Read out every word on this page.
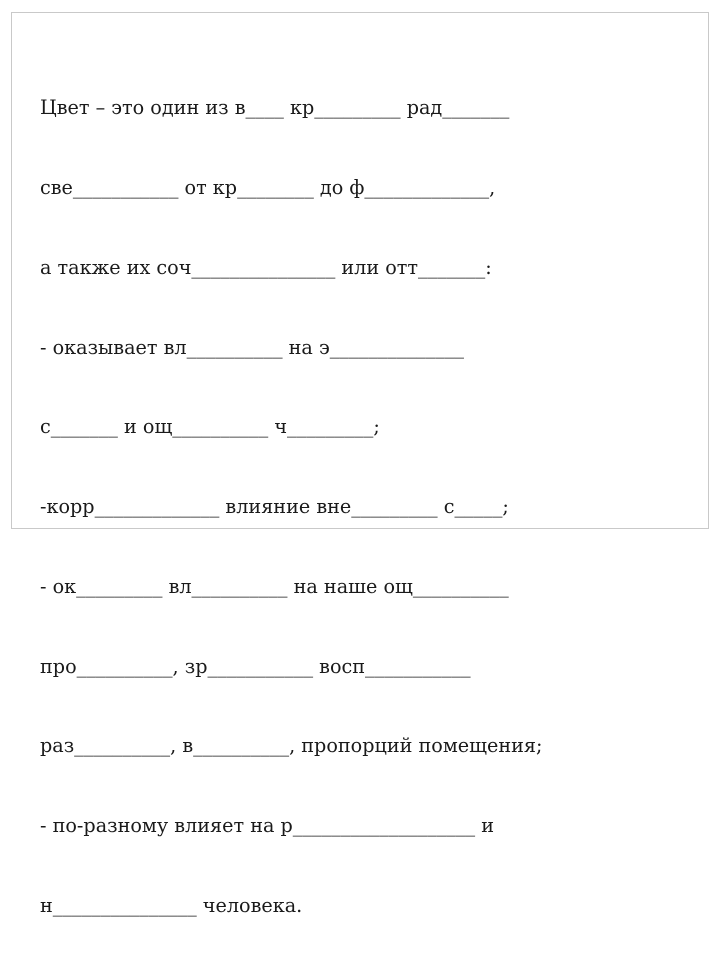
Цвет – это один из в____ кр_________ рад_______

све___________ от кр________ до ф_____________,

а также их соч_______________ или отт_______:

- оказывает вл__________ на э______________

с_______ и ощ__________ ч_________;

-корр_____________ влияние вне_________ с_____;

- ок_________ вл__________ на наше ощ__________

про__________, зр___________ восп___________

раз__________, в__________, пропорций помещения;

- по-разному влияет на р___________________ и

н_______________ человека.
